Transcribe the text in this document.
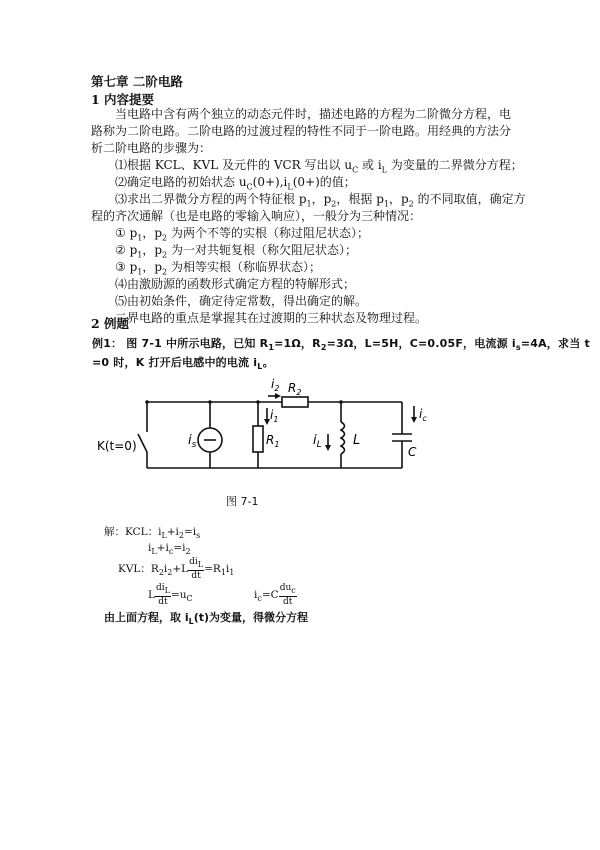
第七章 二阶电路
1 内容提要
当电路中含有两个独立的动态元件时，描述电路的方程为二阶微分方程，电
路称为二阶电路。二阶电路的过渡过程的特性不同于一阶电路。用经典的方法分
析二阶电路的步骤为：
⑴根据 KCL、KVL 及元件的 VCR 写出以 $u_C$ 或 $i_L$ 为变量的二界微分方程；
⑵确定电路的初始状态 $u_C(0+),i_L(0+)$的值；
⑶求出二界微分方程的两个特征根 $p_1$，$p_2$，根据 $p_1$，$p_2$ 的不同取值，确定方
程的齐次通解（也是电路的零输入响应），一般分为三种情况：
① $p_1$，$p_2$ 为两个不等的实根（称过阻尼状态）；
② $p_1$，$p_2$ 为一对共轭复根（称欠阻尼状态）；
③ $p_1$，$p_2$ 为相等实根（称临界状态）；
⑷由激励源的函数形式确定方程的特解形式；
⑸由初始条件，确定待定常数，得出确定的解。
二界电路的重点是掌握其在过渡期的三种状态及物理过程。
2 例题
例1： 图 7-1 中所示电路，已知 $R_1=1\Omega$，$R_2=3\Omega$，L=5H，C=0.05F，电流源 $i_s=4A$，求当 t
=0 时，K 打开后电感中的电流 $i_L$。
K(t=0)	$i_s$
$i_1$
$i_2$ $R_2$
$R_1$	$i_L$ L
$i_c$
C
图 7-1
解：KCL：$i_L+i_2=i_s$
$i_L+i_c=i_2$
KVL：$R_2i_2+L \frac{di_L}{dt} =R_1i_1$
L $\frac{di_L}{dt} =u_C$	$i_c=C \frac{du_c}{dt}$
由上面方程，取 $i_L(t)$为变量，得微分方程
